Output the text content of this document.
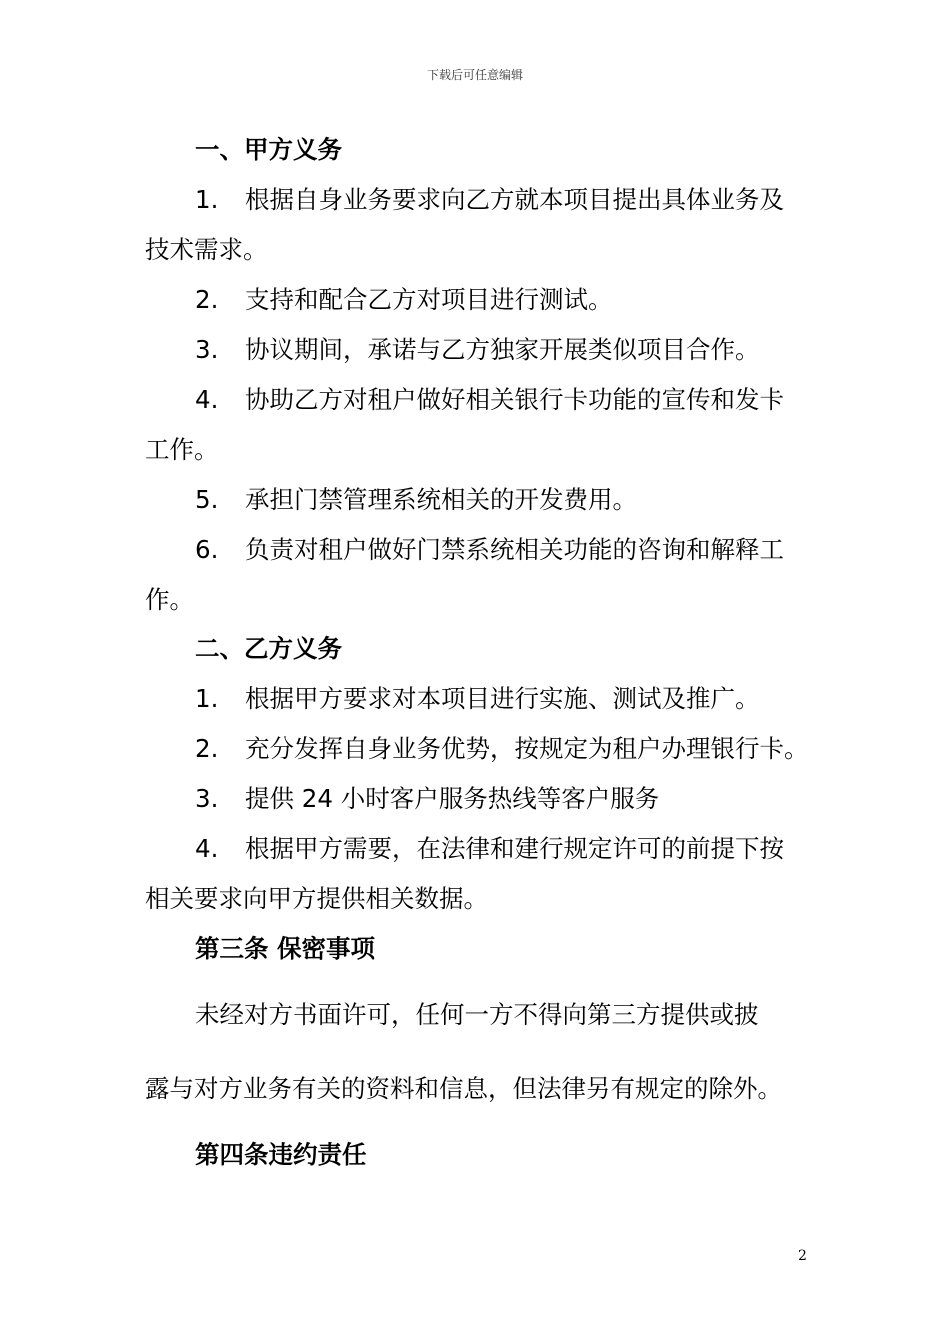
下载后可任意编辑
一、甲方义务
1. 根据自身业务要求向乙方就本项目提出具体业务及
技术需求。
2. 支持和配合乙方对项目进行测试。
3. 协议期间，承诺与乙方独家开展类似项目合作。
4. 协助乙方对租户做好相关银行卡功能的宣传和发卡
工作。
5. 承担门禁管理系统相关的开发费用。
6. 负责对租户做好门禁系统相关功能的咨询和解释工
作。
二、乙方义务
1. 根据甲方要求对本项目进行实施、测试及推广。
2. 充分发挥自身业务优势，按规定为租户办理银行卡。
3. 提供 24 小时客户服务热线等客户服务
4. 根据甲方需要，在法律和建行规定许可的前提下按
相关要求向甲方提供相关数据。
第三条 保密事项
未经对方书面许可，任何一方不得向第三方提供或披
露与对方业务有关的资料和信息，但法律另有规定的除外。
第四条违约责任
2
